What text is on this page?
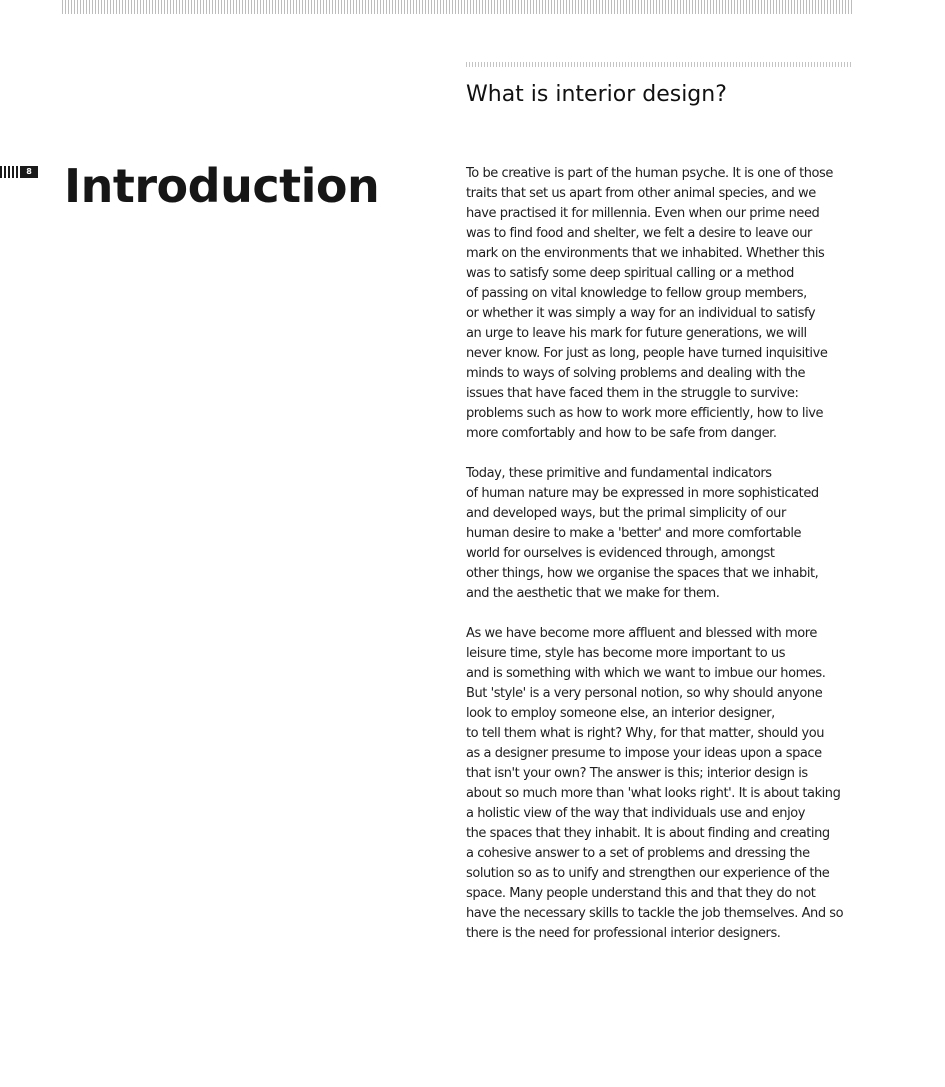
8 Introduction
What is interior design?

To be creative is part of the human psyche. It is one of those
traits that set us apart from other animal species, and we
have practised it for millennia. Even when our prime need
was to find food and shelter, we felt a desire to leave our
mark on the environments that we inhabited. Whether this
was to satisfy some deep spiritual calling or a method
of passing on vital knowledge to fellow group members,
or whether it was simply a way for an individual to satisfy
an urge to leave his mark for future generations, we will
never know. For just as long, people have turned inquisitive
minds to ways of solving problems and dealing with the
issues that have faced them in the struggle to survive:
problems such as how to work more efficiently, how to live
more comfortably and how to be safe from danger.

Today, these primitive and fundamental indicators
of human nature may be expressed in more sophisticated
and developed ways, but the primal simplicity of our
human desire to make a 'better' and more comfortable
world for ourselves is evidenced through, amongst
other things, how we organise the spaces that we inhabit,
and the aesthetic that we make for them.

As we have become more affluent and blessed with more
leisure time, style has become more important to us
and is something with which we want to imbue our homes.
But 'style' is a very personal notion, so why should anyone
look to employ someone else, an interior designer,
to tell them what is right? Why, for that matter, should you
as a designer presume to impose your ideas upon a space
that isn't your own? The answer is this; interior design is
about so much more than 'what looks right'. It is about taking
a holistic view of the way that individuals use and enjoy
the spaces that they inhabit. It is about finding and creating
a cohesive answer to a set of problems and dressing the
solution so as to unify and strengthen our experience of the
space. Many people understand this and that they do not
have the necessary skills to tackle the job themselves. And so
there is the need for professional interior designers.
